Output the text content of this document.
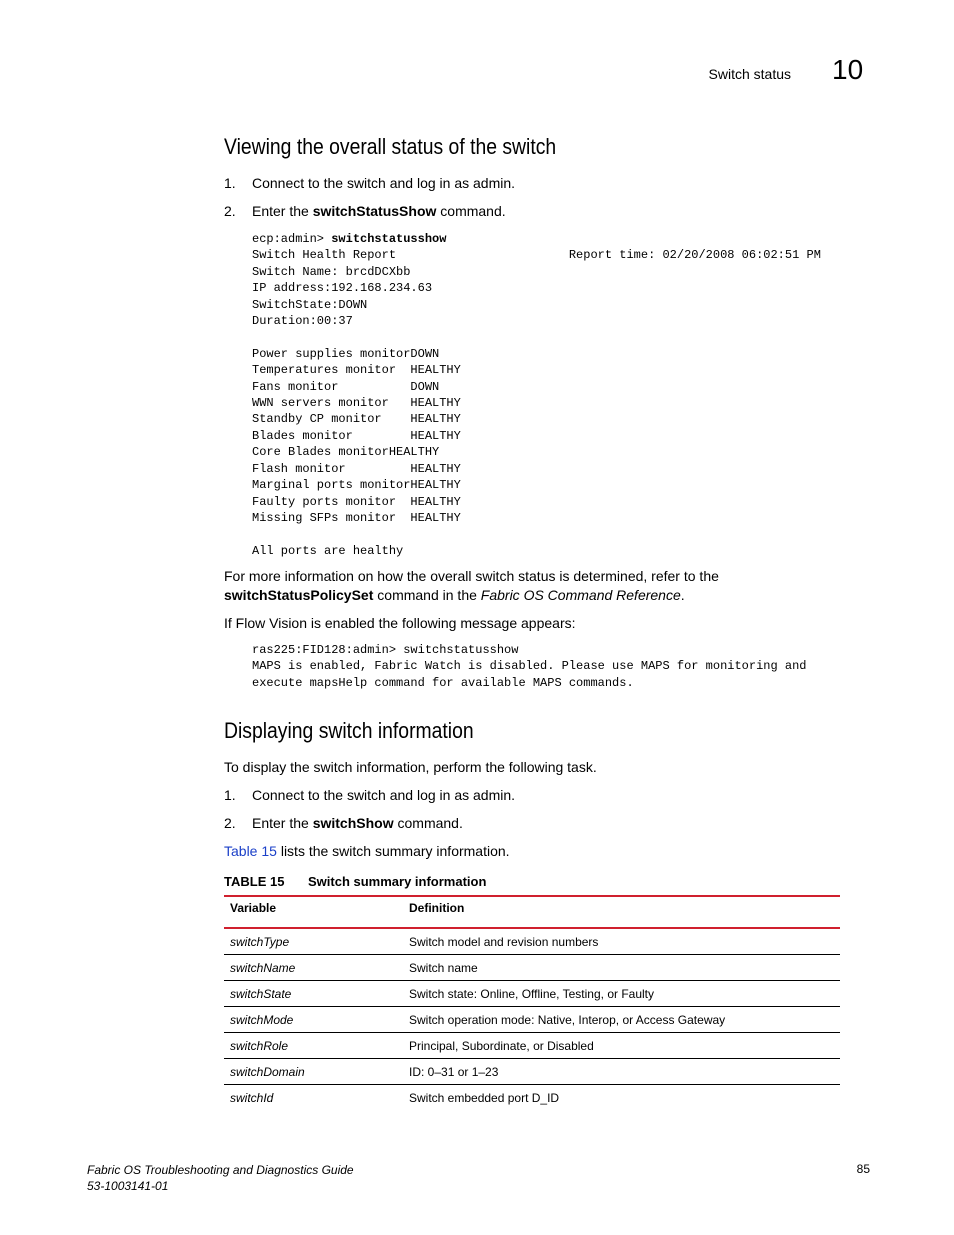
Switch status 10
Viewing the overall status of the switch
1. Connect to the switch and log in as admin.
2. Enter the switchStatusShow command.
ecp:admin> switchstatusshow
Switch Health Report                        Report time: 02/20/2008 06:02:51 PM
Switch Name: brcdDCXbb
IP address:192.168.234.63
SwitchState:DOWN
Duration:00:37

Power supplies monitorDOWN
Temperatures monitor  HEALTHY
Fans monitor          DOWN
WWN servers monitor   HEALTHY
Standby CP monitor    HEALTHY
Blades monitor        HEALTHY
Core Blades monitorHEALTHY
Flash monitor         HEALTHY
Marginal ports monitorHEALTHY
Faulty ports monitor  HEALTHY
Missing SFPs monitor  HEALTHY

All ports are healthy
For more information on how the overall switch status is determined, refer to the switchStatusPolicySet command in the Fabric OS Command Reference.
If Flow Vision is enabled the following message appears:
ras225:FID128:admin> switchstatusshow
MAPS is enabled, Fabric Watch is disabled. Please use MAPS for monitoring and
execute mapsHelp command for available MAPS commands.
Displaying switch information
To display the switch information, perform the following task.
1. Connect to the switch and log in as admin.
2. Enter the switchShow command.
Table 15 lists the switch summary information.
TABLE 15 Switch summary information
Variable	Definition
switchType	Switch model and revision numbers
switchName	Switch name
switchState	Switch state: Online, Offline, Testing, or Faulty
switchMode	Switch operation mode: Native, Interop, or Access Gateway
switchRole	Principal, Subordinate, or Disabled
switchDomain	ID: 0–31 or 1–23
switchId	Switch embedded port D_ID
Fabric OS Troubleshooting and Diagnostics Guide
53-1003141-01
85
